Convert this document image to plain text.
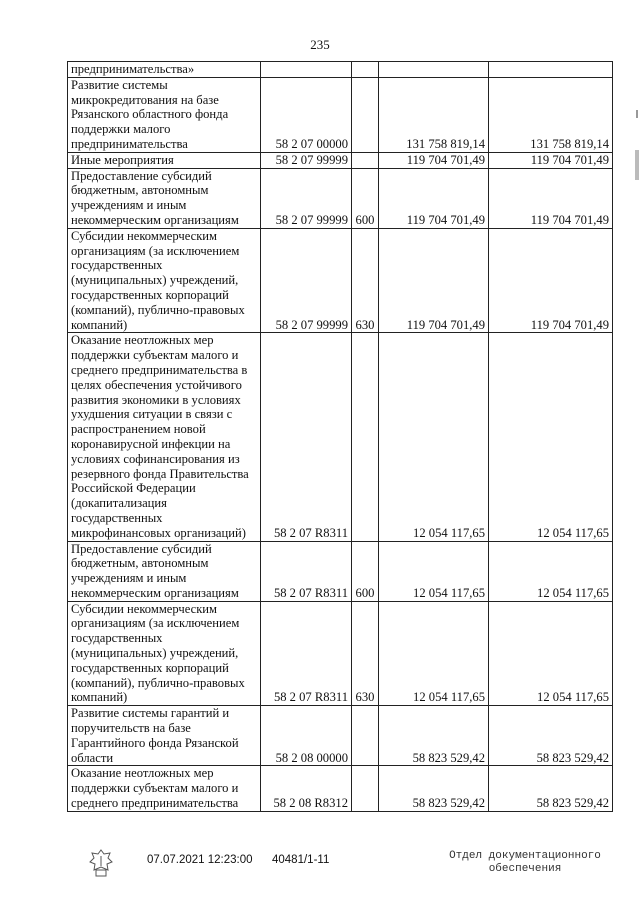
235
предпринимательства»				
Развитие системы микрокредитования на базе Рязанского областного фонда поддержки малого предпринимательства	58 2 07 00000		131 758 819,14	131 758 819,14
Иные мероприятия	58 2 07 99999		119 704 701,49	119 704 701,49
Предоставление субсидий бюджетным, автономным учреждениям и иным некоммерческим организациям	58 2 07 99999	600	119 704 701,49	119 704 701,49
Субсидии некоммерческим организациям (за исключением государственных (муниципальных) учреждений, государственных корпораций (компаний), публично-правовых компаний)	58 2 07 99999	630	119 704 701,49	119 704 701,49
Оказание неотложных мер поддержки субъектам малого и среднего предпринимательства в целях обеспечения устойчивого развития экономики в условиях ухудшения ситуации в связи с распространением новой коронавирусной инфекции на условиях софинансирования из резервного фонда Правительства Российской Федерации (докапитализация государственных микрофинансовых организаций)	58 2 07 R8311		12 054 117,65	12 054 117,65
Предоставление субсидий бюджетным, автономным учреждениям и иным некоммерческим организациям	58 2 07 R8311	600	12 054 117,65	12 054 117,65
Субсидии некоммерческим организациям (за исключением государственных (муниципальных) учреждений, государственных корпораций (компаний), публично-правовых компаний)	58 2 07 R8311	630	12 054 117,65	12 054 117,65
Развитие системы гарантий и поручительств на базе Гарантийного фонда Рязанской области	58 2 08 00000		58 823 529,42	58 823 529,42
Оказание неотложных мер поддержки субъектам малого и среднего предпринимательства	58 2 08 R8312		58 823 529,42	58 823 529,42
07.07.2021 12:23:00 40481/1-11	Отдел документационного обеспечения
